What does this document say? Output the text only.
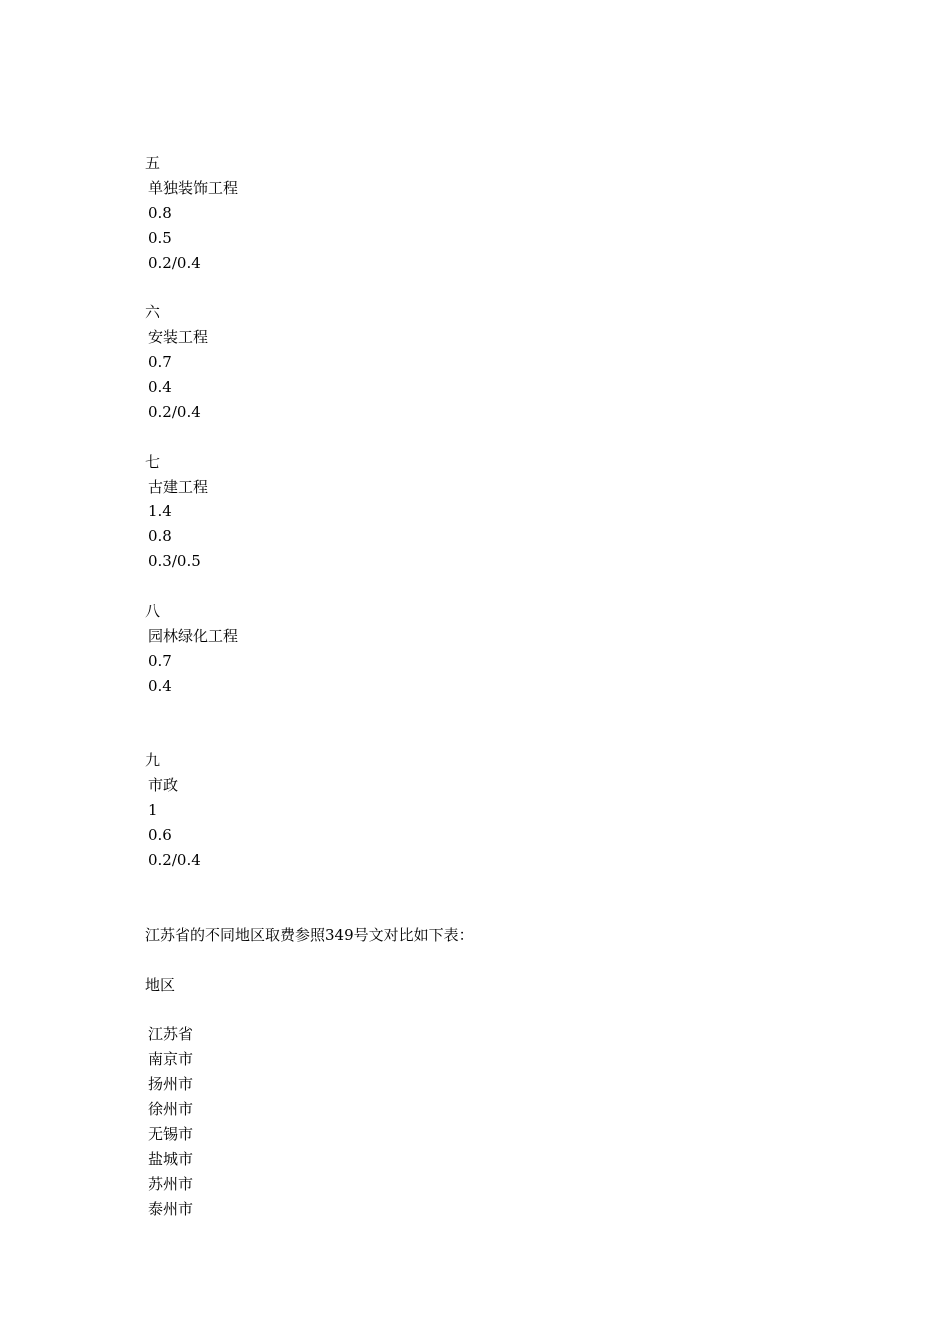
五
单独装饰工程
0.8
0.5
0.2/0.4
六
安装工程
0.7
0.4
0.2/0.4
七
古建工程
1.4
0.8
0.3/0.5
八
园林绿化工程
0.7
0.4
九
市政
1
0.6
0.2/0.4
江苏省的不同地区取费参照349号文对比如下表：
地区
江苏省
南京市
扬州市
徐州市
无锡市
盐城市
苏州市
泰州市
